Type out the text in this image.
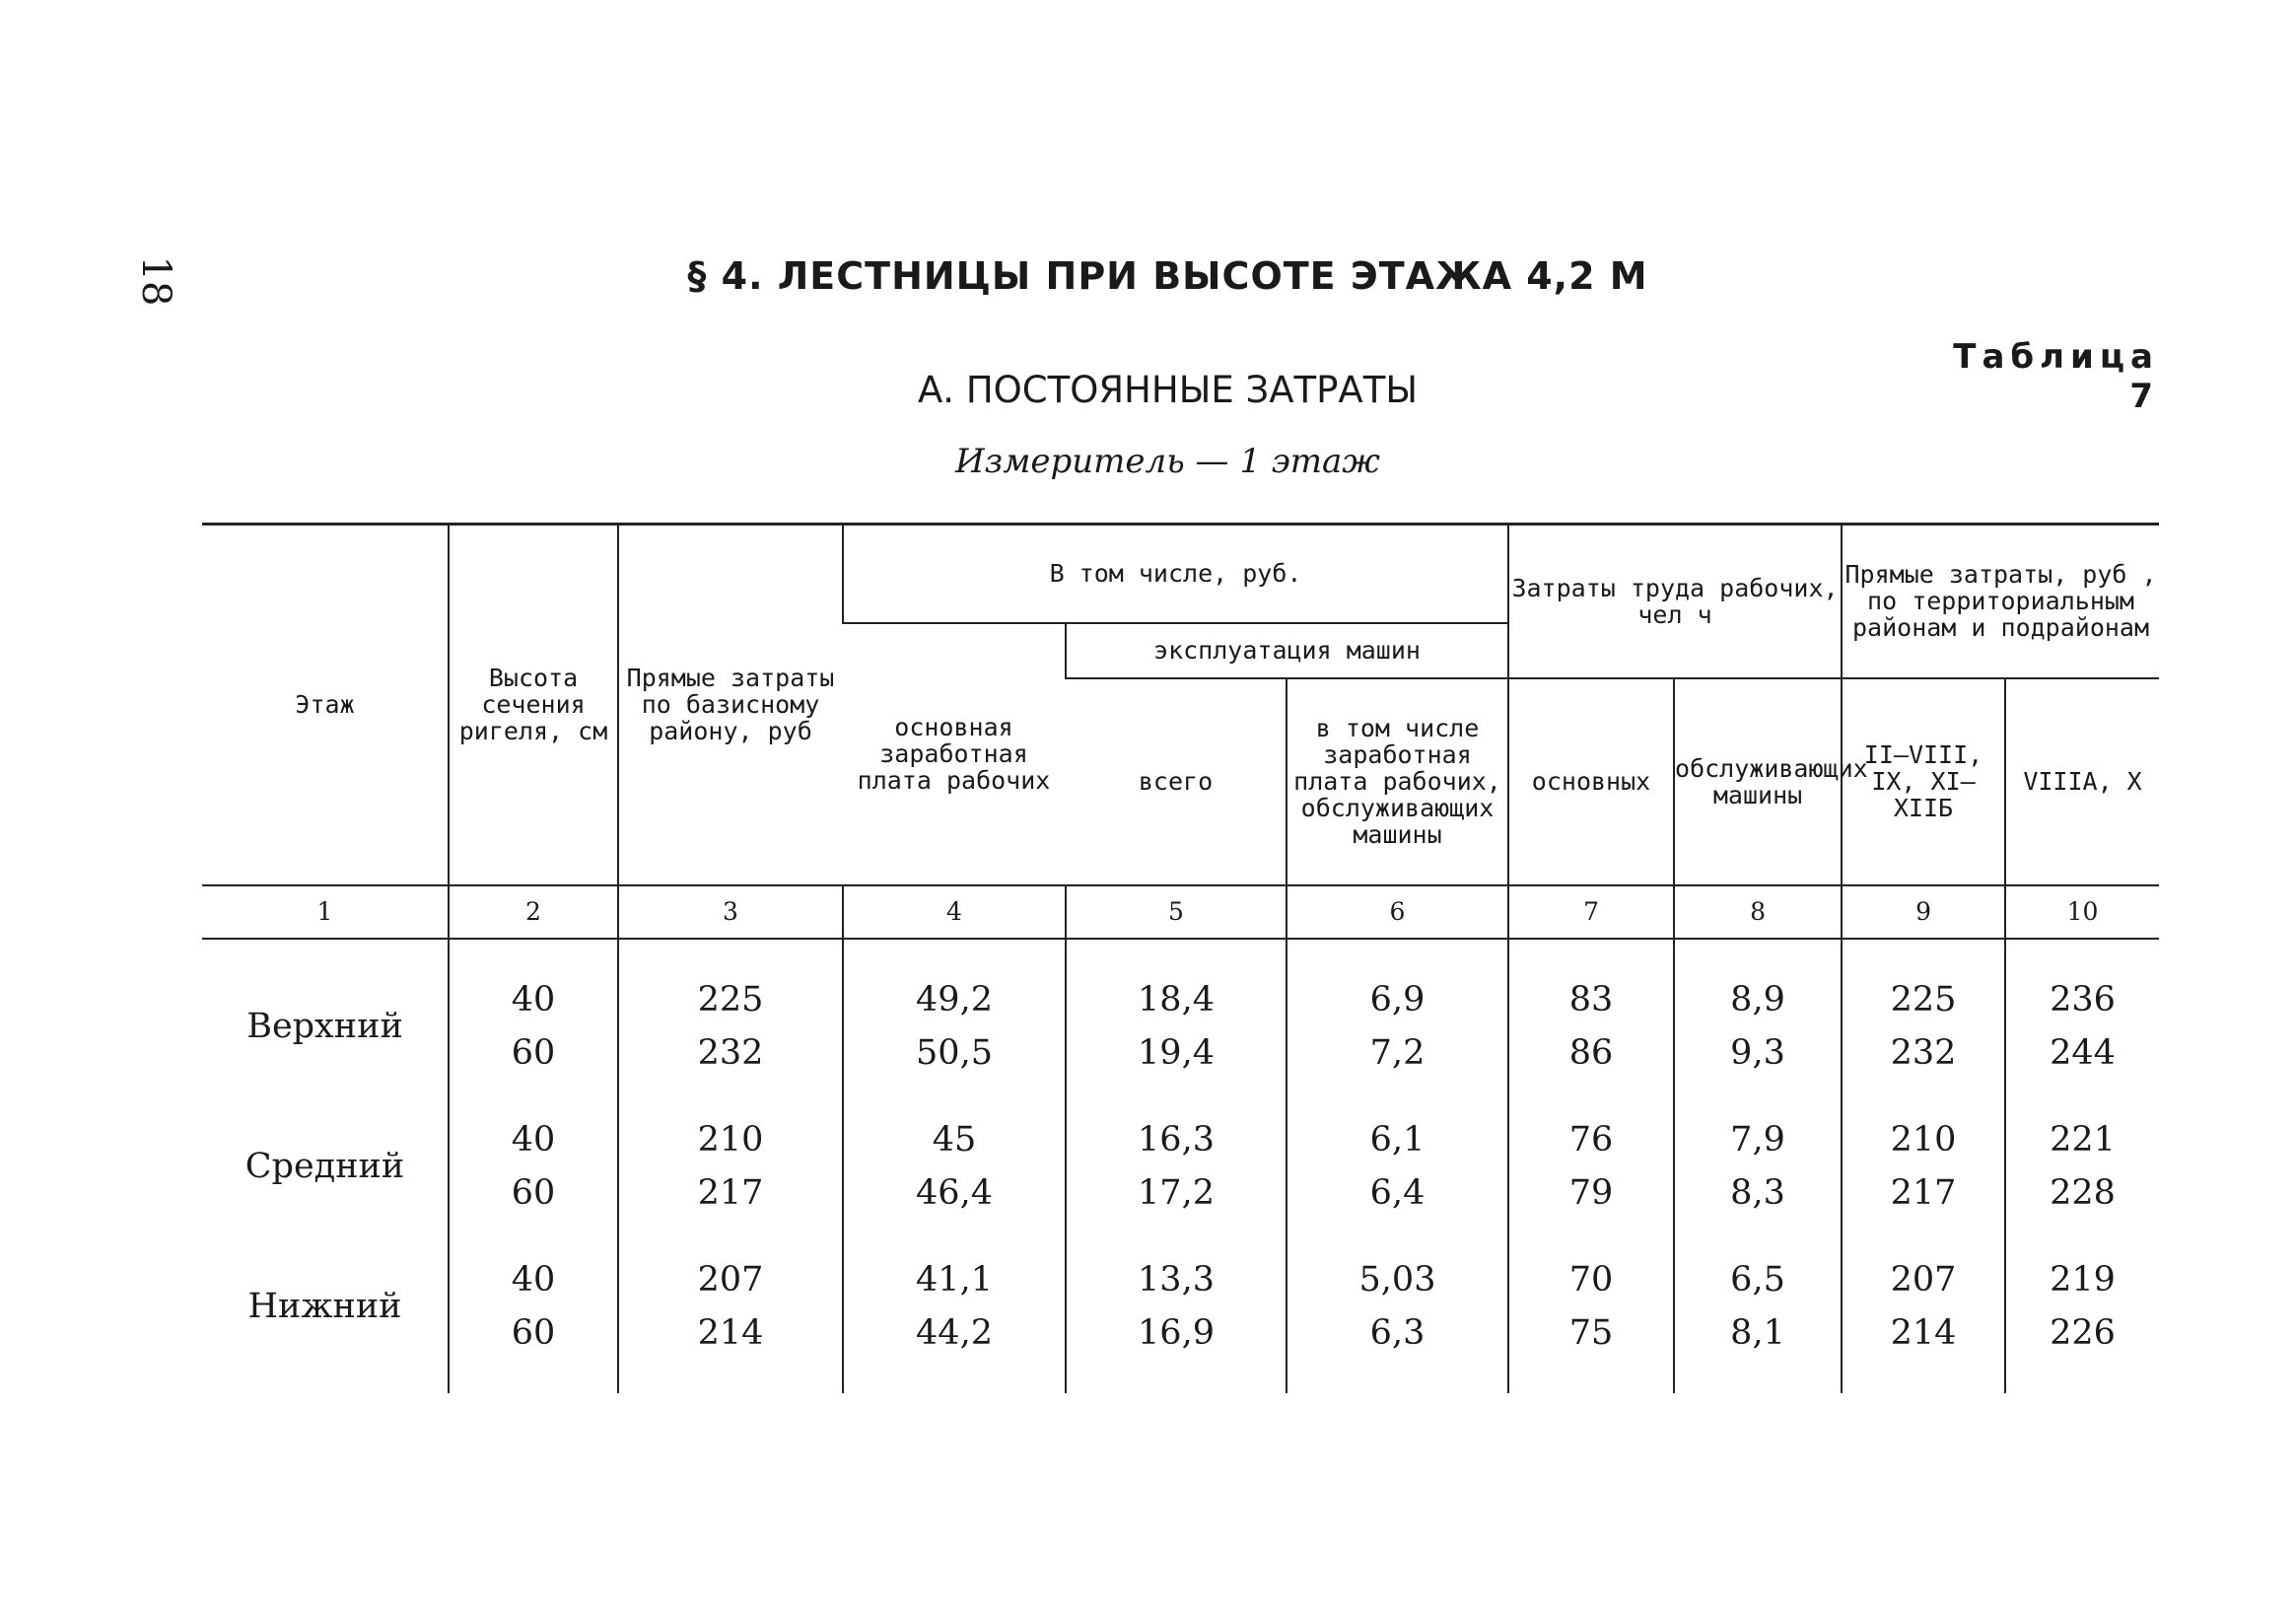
18	§ 4. ЛЕСТНИЦЫ ПРИ ВЫСОТЕ ЭТАЖА 4,2 М
Таблица 7
А. ПОСТОЯННЫЕ ЗАТРАТЫ
Измеритель — 1 этаж
Этаж	Высота сечения ригеля, см	Прямые затраты по базисному району, руб	В том числе, руб.			Затраты труда рабочих, чел ч		Прямые затраты, руб , по территориальным районам и подрайонам	
			основная заработная плата рабочих	эксплуатация машин					
				всего	в том числе заработная плата рабочих, обслуживающих машины	основных	обслуживающих машины	II—VIII, IX, XI—XIIБ	VIIIА, X
1	2	3	4	5	6	7	8	9	10

Верхний	40	225	49,2	18,4	6,9	83	8,9	225	236
	60	232	50,5	19,4	7,2	86	9,3	232	244

Средний	40	210	45	16,3	6,1	76	7,9	210	221
	60	217	46,4	17,2	6,4	79	8,3	217	228

Нижний	40	207	41,1	13,3	5,03	70	6,5	207	219
	60	214	44,2	16,9	6,3	75	8,1	214	226
